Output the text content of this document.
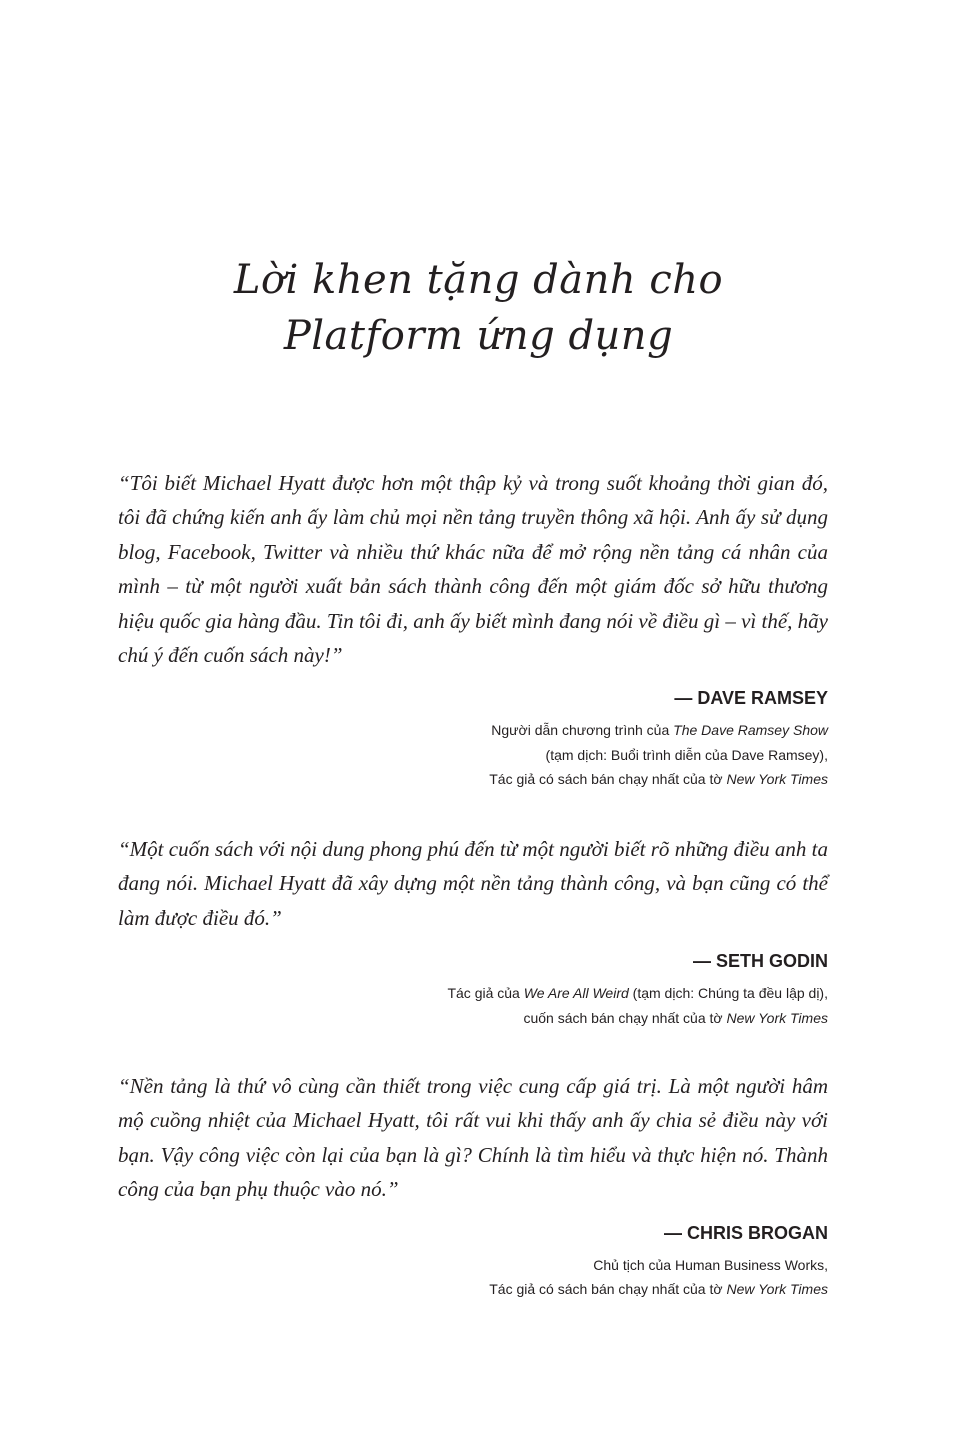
Lời khen tặng dành cho
Platform ứng dụng

“Tôi biết Michael Hyatt được hơn một thập kỷ và trong suốt khoảng thời gian đó, tôi đã chứng kiến anh ấy làm chủ mọi nền tảng truyền thông xã hội. Anh ấy sử dụng blog, Facebook, Twitter và nhiều thứ khác nữa để mở rộng nền tảng cá nhân của mình – từ một người xuất bản sách thành công đến một giám đốc sở hữu thương hiệu quốc gia hàng đầu. Tin tôi đi, anh ấy biết mình đang nói về điều gì – vì thế, hãy chú ý đến cuốn sách này!”

— DAVE RAMSEY
Người dẫn chương trình của The Dave Ramsey Show
(tạm dịch: Buổi trình diễn của Dave Ramsey),
Tác giả có sách bán chạy nhất của tờ New York Times

“Một cuốn sách với nội dung phong phú đến từ một người biết rõ những điều anh ta đang nói. Michael Hyatt đã xây dựng một nền tảng thành công, và bạn cũng có thể làm được điều đó.”

— SETH GODIN
Tác giả của We Are All Weird (tạm dịch: Chúng ta đều lập dị),
cuốn sách bán chạy nhất của tờ New York Times

“Nền tảng là thứ vô cùng cần thiết trong việc cung cấp giá trị. Là một người hâm mộ cuồng nhiệt của Michael Hyatt, tôi rất vui khi thấy anh ấy chia sẻ điều này với bạn. Vậy công việc còn lại của bạn là gì? Chính là tìm hiểu và thực hiện nó. Thành công của bạn phụ thuộc vào nó.”

— CHRIS BROGAN
Chủ tịch của Human Business Works,
Tác giả có sách bán chạy nhất của tờ New York Times
